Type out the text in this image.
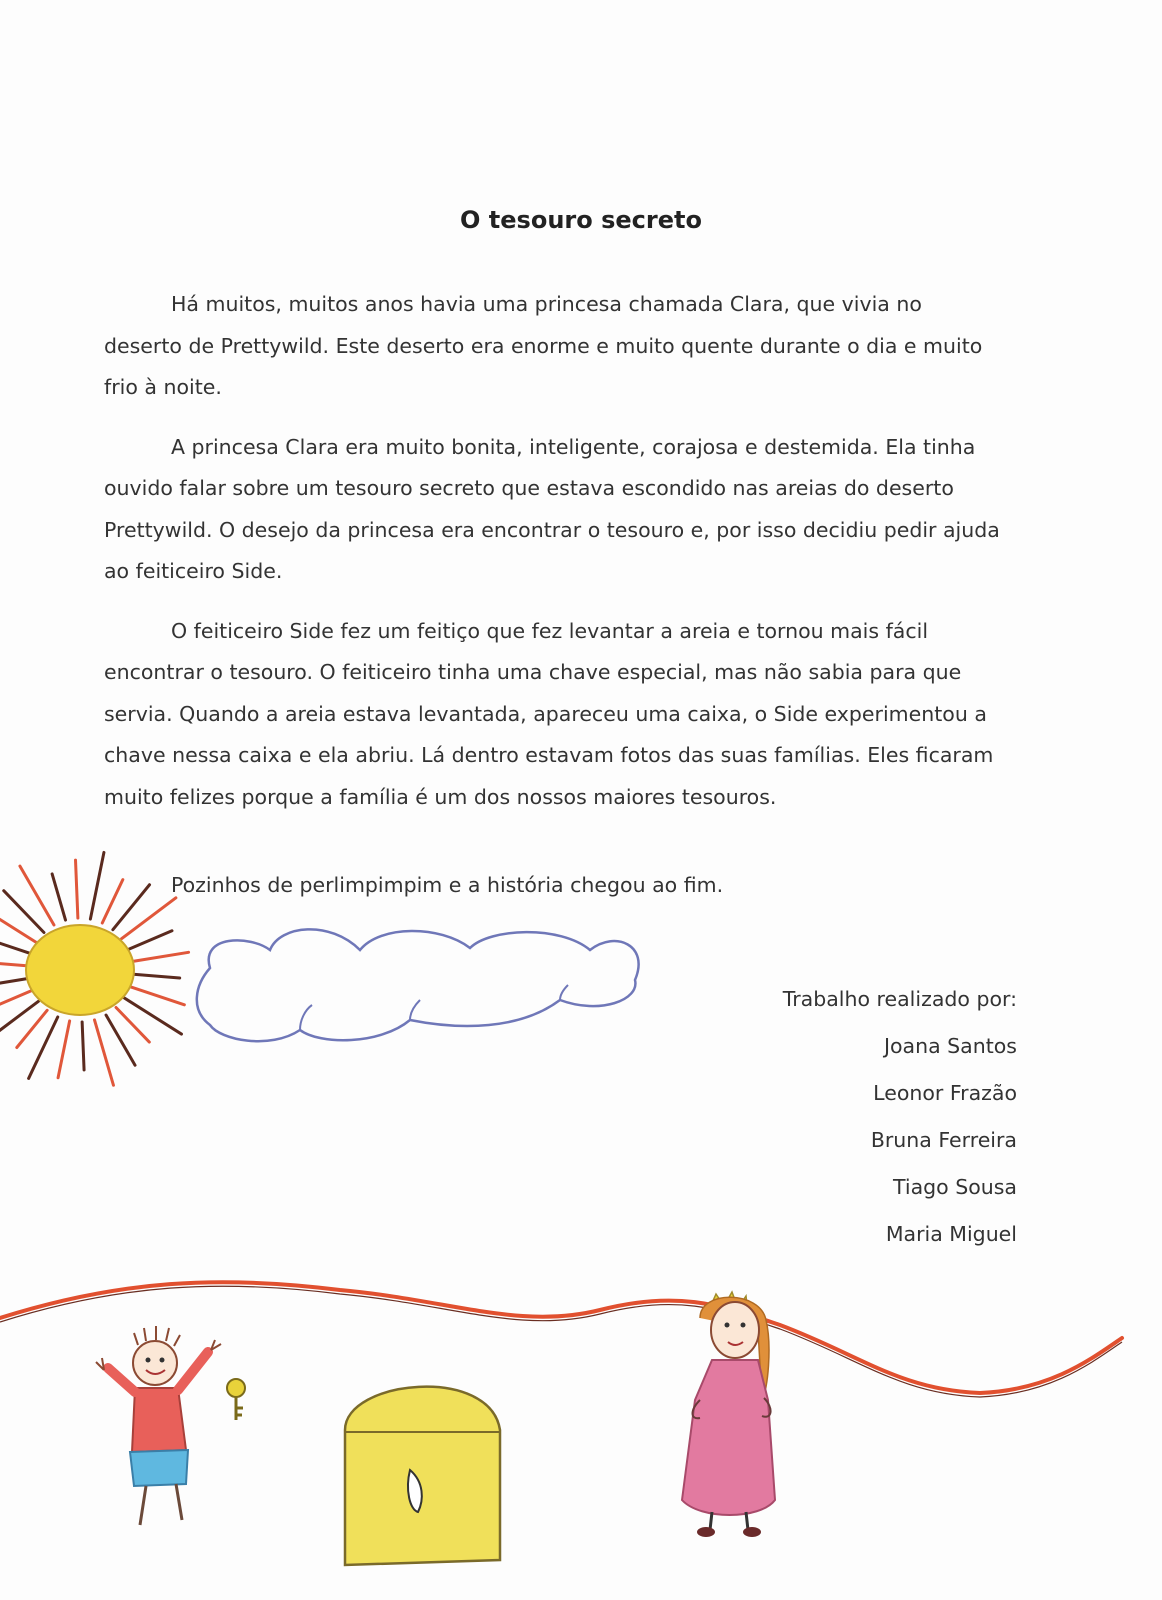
O tesouro secreto

Há muitos, muitos anos havia uma princesa chamada Clara, que vivia no deserto de Prettywild. Este deserto era enorme e muito quente durante o dia e muito frio à noite.

A princesa Clara era muito bonita, inteligente, corajosa e destemida. Ela tinha ouvido falar sobre um tesouro secreto que estava escondido nas areias do deserto Prettywild. O desejo da princesa era encontrar o tesouro e, por isso decidiu pedir ajuda ao feiticeiro Side.

O feiticeiro Side fez um feitiço que fez levantar a areia e tornou mais fácil encontrar o tesouro. O feiticeiro tinha uma chave especial, mas não sabia para que servia. Quando a areia estava levantada, apareceu uma caixa, o Side experimentou a chave nessa caixa e ela abriu. Lá dentro estavam fotos das suas famílias. Eles ficaram muito felizes porque a família é um dos nossos maiores tesouros.

Pozinhos de perlimpimpim e a história chegou ao fim.
Trabalho realizado por:
Joana Santos
Leonor Frazão
Bruna Ferreira
Tiago Sousa
Maria Miguel
